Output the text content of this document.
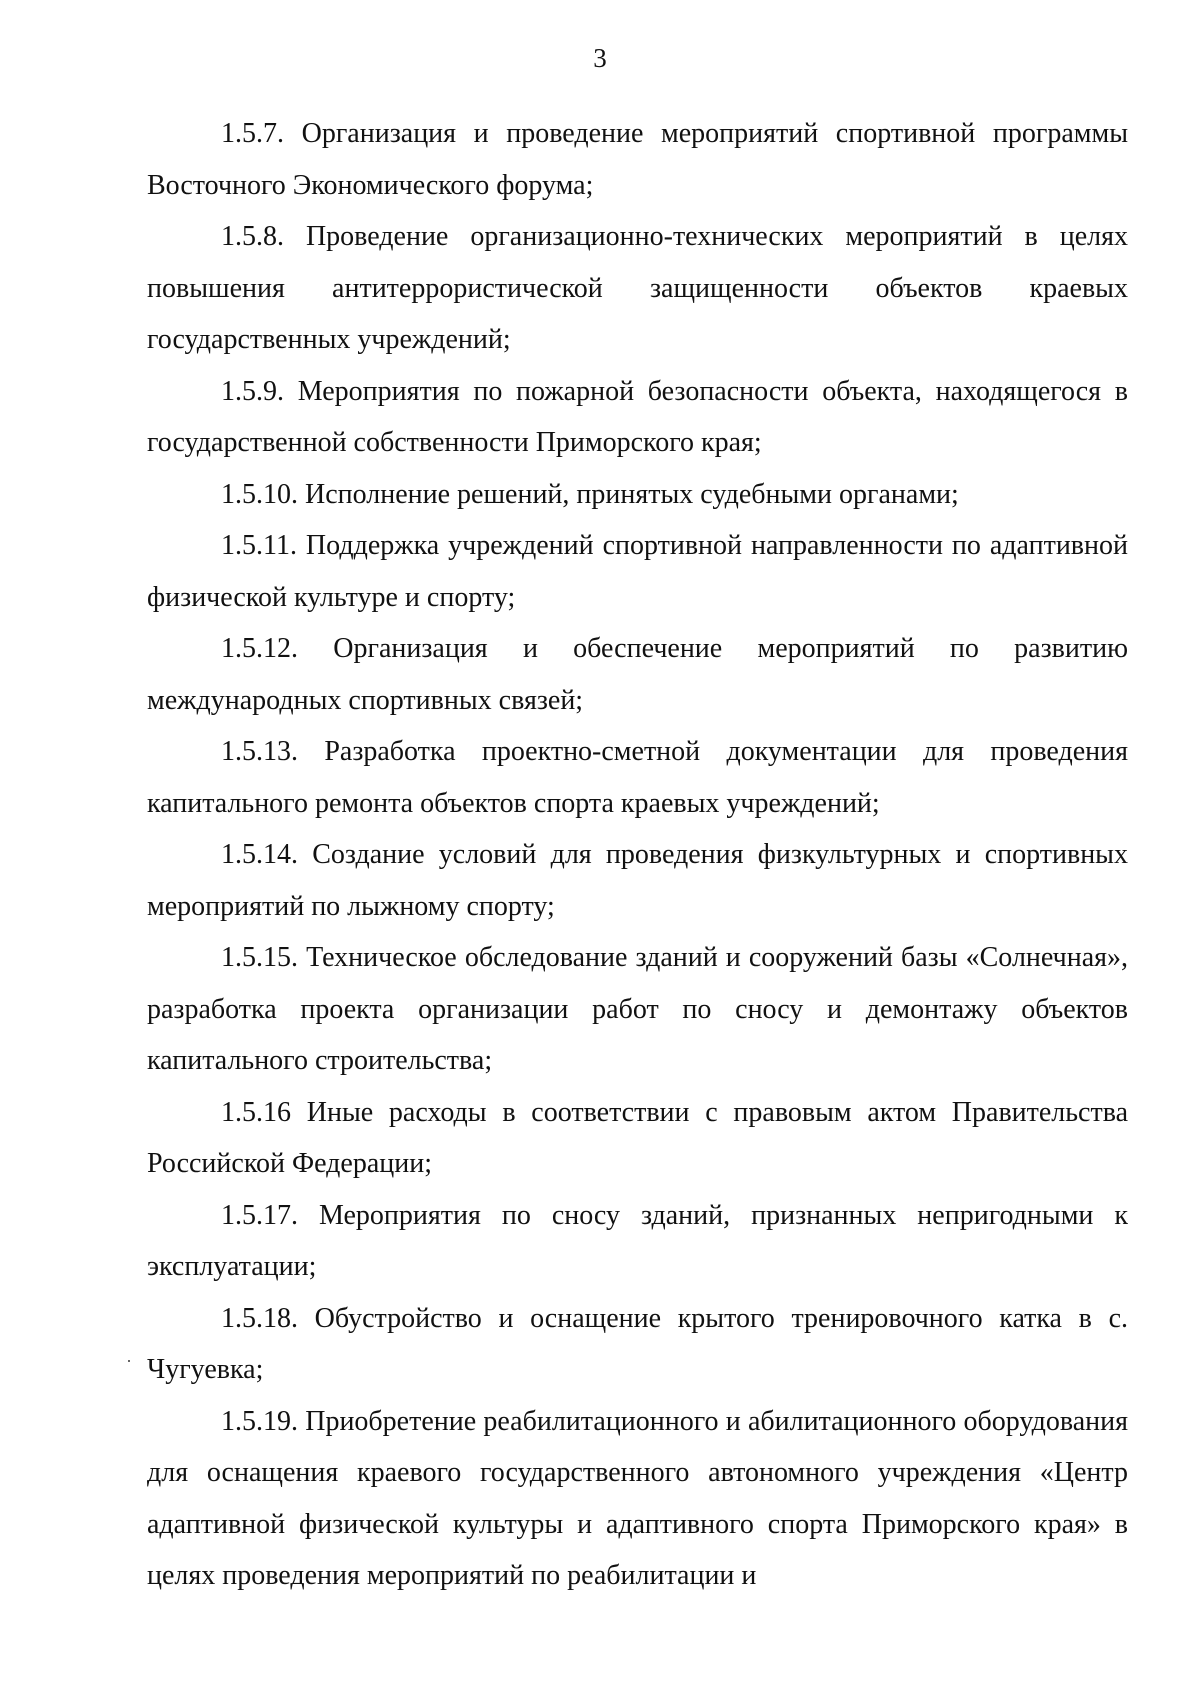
3

1.5.7. Организация и проведение мероприятий спортивной программы Восточного Экономического форума;

1.5.8. Проведение организационно-технических мероприятий в целях повышения антитеррористической защищенности объектов краевых государственных учреждений;

1.5.9. Мероприятия по пожарной безопасности объекта, находящегося в государственной собственности Приморского края;

1.5.10. Исполнение решений, принятых судебными органами;

1.5.11. Поддержка учреждений спортивной направленности по адаптивной физической культуре и спорту;

1.5.12. Организация и обеспечение мероприятий по развитию международных спортивных связей;

1.5.13. Разработка проектно-сметной документации для проведения капитального ремонта объектов спорта краевых учреждений;

1.5.14. Создание условий для проведения физкультурных и спортивных мероприятий по лыжному спорту;

1.5.15. Техническое обследование зданий и сооружений базы «Солнечная», разработка проекта организации работ по сносу и демонтажу объектов капитального строительства;

1.5.16 Иные расходы в соответствии с правовым актом Правительства Российской Федерации;

1.5.17. Мероприятия по сносу зданий, признанных непригодными к эксплуатации;

1.5.18. Обустройство и оснащение крытого тренировочного катка в с. Чугуевка;

1.5.19. Приобретение реабилитационного и абилитационного оборудования для оснащения краевого государственного автономного учреждения «Центр адаптивной физической культуры и адаптивного спорта Приморского края» в целях проведения мероприятий по реабилитации и
